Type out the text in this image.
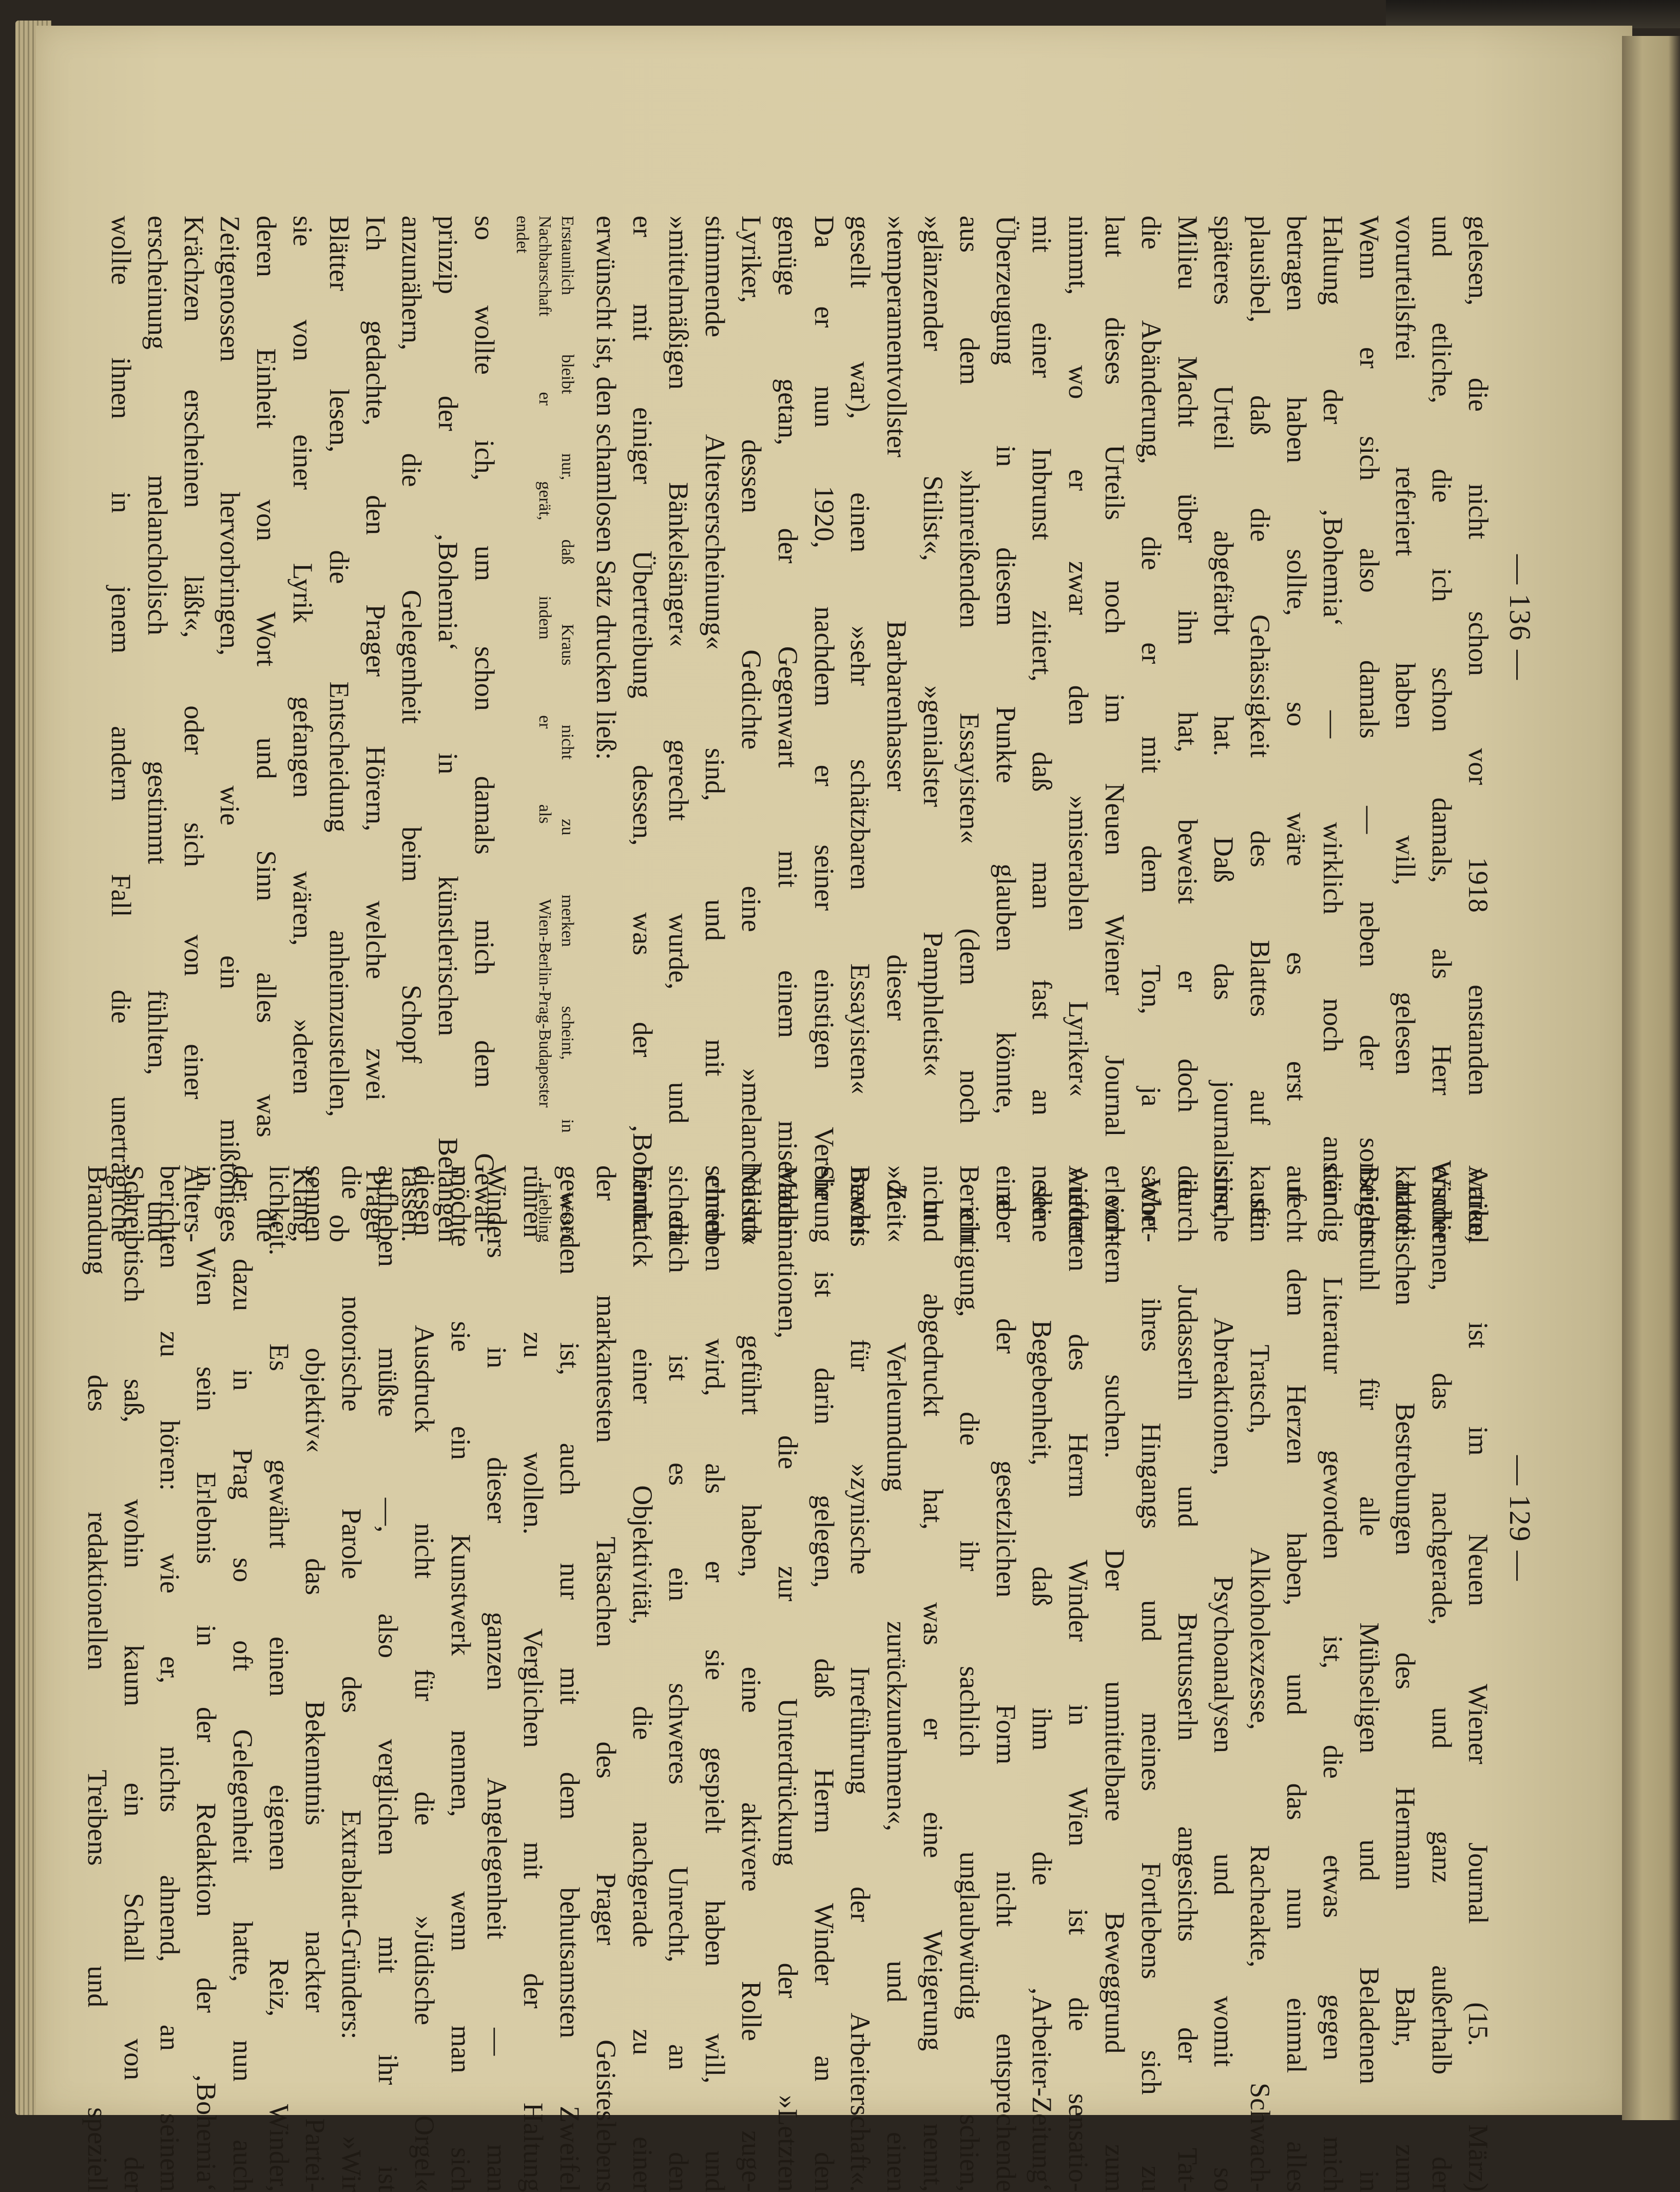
— 136 —
— 129 —
gelesen, die nicht schon vor 1918 enstanden waren,
und etliche, die ich schon damals, als Herr Winder
vorurteilsfrei referiert haben will, gelesen hatte.
Wenn er sich also damals — neben der sonstigen
Haltung der ‚Bohemia‘ — wirklich noch anständig
betragen haben sollte, so wäre es erst recht
plausibel, daß die Gehässigkeit des Blattes auf sein
späteres Urteil abgefärbt hat. Daß das journalistische
Milieu Macht über ihn hat, beweist er doch durch
die Abänderung, die er mit dem Ton, ja Wort-
laut dieses Urteils noch im Neuen Wiener Journal vor-
nimmt, wo er zwar den »miserablen Lyriker« wieder
mit einer Inbrunst zitiert, daß man fast an seine
Überzeugung in diesem Punkte glauben könnte, aber
aus dem »hinreißenden Essayisten« (dem noch ein
»glänzender Stilist«, »genialster Pamphletist« und
»temperamentvollster Barbarenhasser dieser Zeit«
gesellt war), einen »sehr schätzbaren Essayisten« macht.
Da er nun 1920, nachdem er seiner einstigen Verehrung
genüge getan, der Gegenwart mit einem miserablen
Lyriker, dessen Gedichte eine »melancholisch
stimmende Alterserscheinung« sind, und mit einem
»mittelmäßigen Bänkelsänger« gerecht wurde, und da
er mit einiger Übertreibung dessen, was der ‚Bohemia‘
erwünscht ist, den schamlosen Satz drucken ließ:
Erstaunlich bleibt nur, daß Kraus nicht zu merken scheint, in wessen
Nachbarschaft er gerät, indem er als Wien-Berlin-Prag-Budapester Liebling
endet
so wollte ich, um schon damals mich dem Gewalt-
prinzip der ‚Bohemia‘ in künstlerischen Belangen
anzunähern, die Gelegenheit beim Schopf fassen.
Ich gedachte, den Prager Hörern, welche zwei Prager
Blätter lesen, die Entscheidung anheimzustellen, ob
sie von einer Lyrik gefangen wären, »deren Klang,
deren Einheit von Wort und Sinn alles was die
Zeitgenossen hervorbringen, wie ein mißtöniges
Krächzen erscheinen läßt«, oder sich von einer Alters-
erscheinung melancholisch gestimmt fühlten, und
wollte ihnen in jenem andern Fall die unerträgliche
Artikel ist im Neuen Wiener Journal (15. März)
erschienen, das nachgerade, und ganz außerhalb der
katholischen Bestrebungen des Hermann Bahr, zum
Beichtstuhl für alle Mühseligen und Beladenen in
der Literatur geworden ist, die etwas gegen mich
auf dem Herzen haben, und das nun einmal alles
kauft: Tratsch, Alkoholexzesse, Racheakte, Schwach-
sinn, Abreaktionen, Psychoanalysen und womit so
die Judasserln und Brutusserln angesichts der Tat-
sache ihres Hingangs und meines Fortlebens sich zu
erleichtern suchen. Der unmittelbare Beweggrund zum
Auftreten des Herrn Winder in Wien ist die sensatio-
nelle Begebenheit, daß ihm die ‚Arbeiter-Zeitung‘
eine der gesetzlichen Form nicht entsprechende
Berichtigung, die ihr sachlich unglaubwürdig schien,
nicht abgedruckt hat, was er eine Weigerung nennt,
»die Verleumdung zurückzunehmen«, und einen
Beweis für »zynische Irreführung der Arbeiterschaft«.
Sie ist darin gelegen, daß Herrn Winder an den
Machinationen, die zur Unterdrückung der »Letzten
Nacht« geführt haben, eine aktivere Rolle zuge-
schrieben wird, als er sie gespielt haben will, und
sicherlich ist es ein schweres Unrecht, an den
Eindruck einer Objektivität, die nachgerade zu einer
der markantesten Tatsachen des Prager Geisteslebens
geworden ist, auch nur mit dem behutsamsten Zweifel
rühren zu wollen. Verglichen mit der Haltung
Winders in dieser ganzen Angelegenheit — man
möchte sie ein Kunstwerk nennen, wenn man sich
diesen Ausdruck nicht für die »Jüdische Orgel«
aufheben müßte —, also verglichen mit ihr ist
die notorische Parole des Extrablatt-Gründers: »Wir
sennen objektiv« das Bekenntnis nackter Partei-
lichkeit. Es gewährt einen eigenen Reiz, Winder,
der dazu in Prag so oft Gelegenheit hatte, nun auch
in Wien sein Erlebnis in der Redaktion der ‚Bohemia‘
berichten zu hören: wie er, nichts ahnend, an seinem
Schreibtisch saß, wohin kaum ein Schall von der
Brandung des redaktionellen Treibens und speziell
